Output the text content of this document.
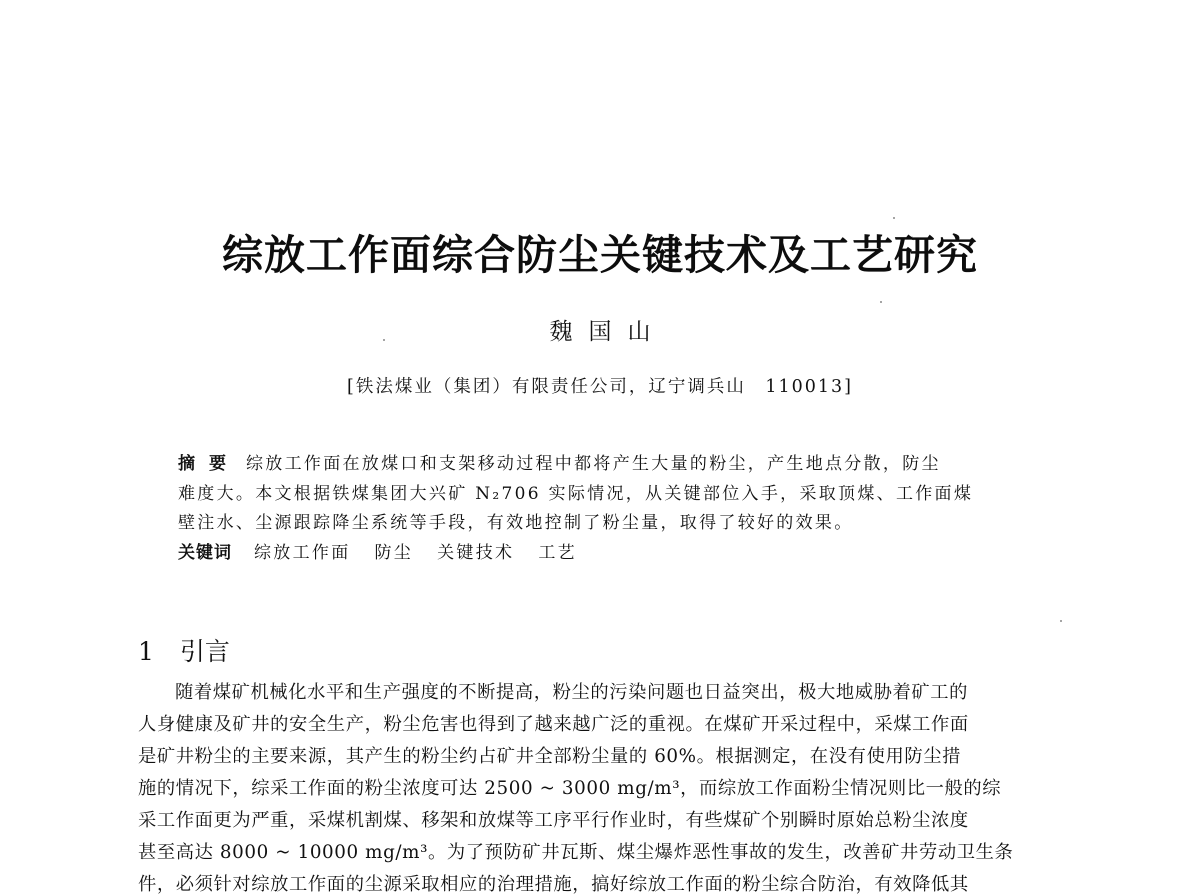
综放工作面综合防尘关键技术及工艺研究
魏国山
[铁法煤业（集团）有限责任公司，辽宁调兵山　110013]
摘要 综放工作面在放煤口和支架移动过程中都将产生大量的粉尘，产生地点分散，防尘
难度大。本文根据铁煤集团大兴矿 N₂706 实际情况，从关键部位入手，采取顶煤、工作面煤
壁注水、尘源跟踪降尘系统等手段，有效地控制了粉尘量，取得了较好的效果。
关键词 综放工作面 防尘 关键技术 工艺
1 引言
随着煤矿机械化水平和生产强度的不断提高，粉尘的污染问题也日益突出，极大地威胁着矿工的
人身健康及矿井的安全生产，粉尘危害也得到了越来越广泛的重视。在煤矿开采过程中，采煤工作面
是矿井粉尘的主要来源，其产生的粉尘约占矿井全部粉尘量的 60%。根据测定，在没有使用防尘措
施的情况下，综采工作面的粉尘浓度可达 2500 ~ 3000 mg/m³，而综放工作面粉尘情况则比一般的综
采工作面更为严重，采煤机割煤、移架和放煤等工序平行作业时，有些煤矿个别瞬时原始总粉尘浓度
甚至高达 8000 ~ 10000 mg/m³。为了预防矿井瓦斯、煤尘爆炸恶性事故的发生，改善矿井劳动卫生条
件，必须针对综放工作面的尘源采取相应的治理措施，搞好综放工作面的粉尘综合防治，有效降低其
